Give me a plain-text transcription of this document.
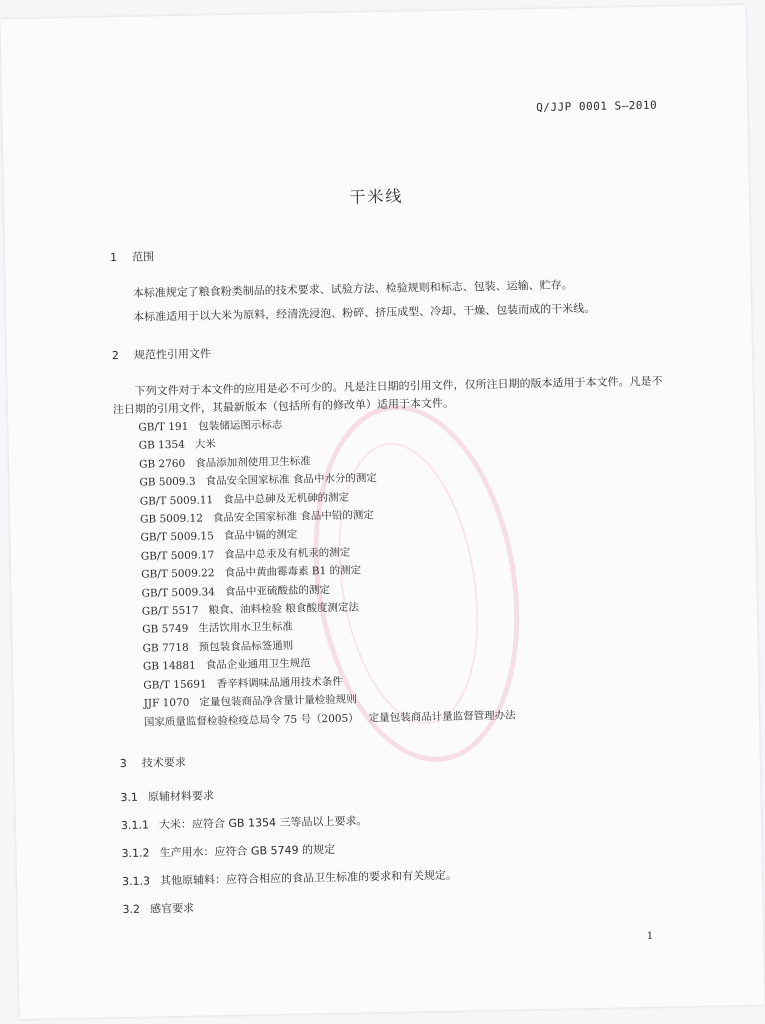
Q/JJP 0001 S—2010
干米线
1 范围
本标准规定了粮食粉类制品的技术要求、试验方法、检验规则和标志、包装、运输、贮存。
本标准适用于以大米为原料，经清洗浸泡、粉碎、挤压成型、冷却、干燥、包装而成的干米线。
2 规范性引用文件
下列文件对于本文件的应用是必不可少的。凡是注日期的引用文件，仅所注日期的版本适用于本文件。凡是不注日期的引用文件，其最新版本（包括所有的修改单）适用于本文件。
GB/T 191 包装储运图示标志
GB 1354 大米
GB 2760 食品添加剂使用卫生标准
GB 5009.3 食品安全国家标准 食品中水分的测定
GB/T 5009.11 食品中总砷及无机砷的测定
GB 5009.12 食品安全国家标准 食品中铅的测定
GB/T 5009.15 食品中镉的测定
GB/T 5009.17 食品中总汞及有机汞的测定
GB/T 5009.22 食品中黄曲霉毒素 B1 的测定
GB/T 5009.34 食品中亚硫酸盐的测定
GB/T 5517 粮食、油料检验 粮食酸度测定法
GB 5749 生活饮用水卫生标准
GB 7718 预包装食品标签通则
GB 14881 食品企业通用卫生规范
GB/T 15691 香辛料调味品通用技术条件
JJF 1070 定量包装商品净含量计量检验规则
国家质量监督检验检疫总局令 75 号（2005） 定量包装商品计量监督管理办法
3 技术要求
3.1 原辅材料要求
3.1.1 大米：应符合 GB 1354 三等品以上要求。
3.1.2 生产用水：应符合 GB 5749 的规定
3.1.3 其他原辅料：应符合相应的食品卫生标准的要求和有关规定。
3.2 感官要求
1
